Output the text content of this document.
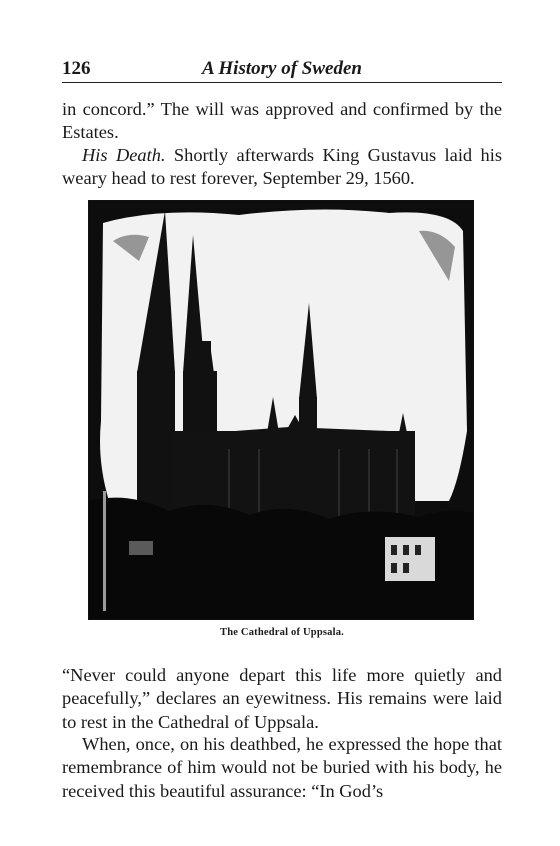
126	A History of Sweden

in concord.” The will was approved and confirmed by the Estates.

His Death. Shortly afterwards King Gustavus laid his weary head to rest forever, September 29, 1560.

The Cathedral of Uppsala.

“Never could anyone depart this life more quietly and peacefully,” declares an eyewitness. His remains were laid to rest in the Cathedral of Uppsala.

When, once, on his deathbed, he expressed the hope that remembrance of him would not be buried with his body, he received this beautiful assurance: “In God’s
